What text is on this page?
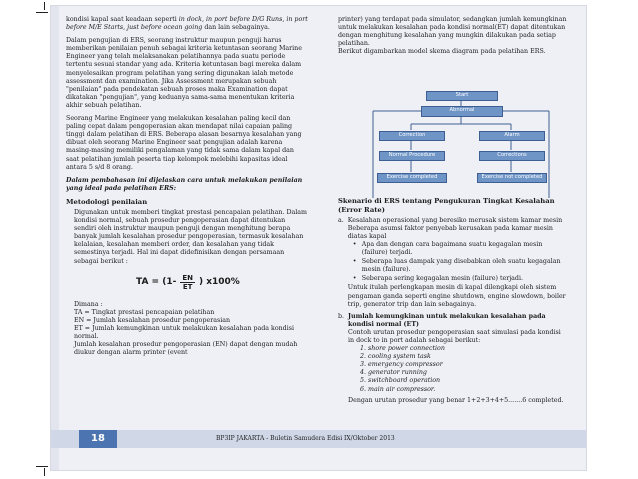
kondisi kapal saat keadaan seperti in dock, in port before D/G Runs, in port before M/E Starts, just before ocean going dan lain sebagainya.

Dalam pengujian di ERS, seorang instruktur maupun penguji harus memberikan penilaian penuh sebagai kriteria ketuntasan seorang Marine Engineer yang telah melaksanakan pelatihannya pada suatu periode tertentu sesuai standar yang ada. Kriteria ketuntasan bagi mereka dalam menyelesaikan program pelatihan yang sering digunakan ialah metode assessment dan examination. Jika Assessment merupakan sebuah "penilaian" pada pendekatan sebuah proses maka Examination dapat dikatakan "pengujian", yang keduanya sama-sama menentukan kriteria akhir sebuah pelatihan.

Seorang Marine Engineer yang melakukan kesalahan paling kecil dan paling cepat dalam pengoperasian akan mendapat nilai capaian paling tinggi dalam pelatihan di ERS. Beberapa alasan besarnya kesalahan yang dibuat oleh seorang Marine Engineer saat pengujian adalah karena masing-masing memiliki pengalaman yang tidak sama dalam kapal dan saat pelatihan jumlah peserta tiap kelompok melebihi kapasitas ideal antara 5 s/d 8 orang.

Dalam pembahasan ini dijelaskan cara untuk melakukan penilaian yang ideal pada pelatihan ERS:

Metodologi penilaian

Digunakan untuk memberi tingkat prestasi pencapaian pelatihan. Dalam kondisi normal, sebuah prosedur pengoperasian dapat ditentukan sendiri oleh instruktur maupun penguji dengan menghitung berapa banyak jumlah kesalahan prosedur pengoperasian, termasuk kesalahan kelalaian, kesalahan memberi order, dan kesalahan yang tidak semestinya terjadi. Hal ini dapat didefinisikan dengan persamaan sebagai berikut :

TA = ($1- \frac{EN}{ET}$ ) x100%
Dimana :
TA = Tingkat prestasi pencapaian pelatihan
EN = Jumlah kesalahan prosedur pengoperasian
ET = Jumlah kemungkinan untuk melakukan kesalahan pada kondisi normal.
Jumlah kesalahan prosedur pengoperasian (EN) dapat dengan mudah diukur dengan alarm printer (event

printer) yang terdapat pada simulator, sedangkan jumlah kemungkinan untuk melakukan kesalahan pada kondisi normal(ET) dapat ditentukan dengan menghitung kesalahan yang mungkin dilakukan pada setiap pelatihan.

Berikut digambarkan model skema diagram pada pelatihan ERS.

Skenario di ERS tentang Pengukuran Tingkat Kesalahan (Error Rate)
a. Kesalahan operasional yang beresiko merusak sistem kamar mesin
Beberapa asumsi faktor penyebab kerusakan pada kamar mesin diatas kapal
• Apa dan dengan cara bagaimana suatu kegagalan mesin (failure) terjadi.
• Seberapa luas dampak yang disebabkan oleh suatu kegagalan mesin (failure).
• Seberapa sering kegagalan mesin (failure) terjadi.
Untuk itulah perlengkapan mesin di kapal dilengkapi oleh sistem pengaman ganda seperti engine shutdown, engine slowdown, boiler trip, generator trip dan lain sebagainya.
b. Jumlah kemungkinan untuk melakukan kesalahan pada kondisi normal (ET)
Contoh urutan prosedur pengoperasian saat simulasi pada kondisi in dock to in port adalah sebagai berikut:
1. shore power connection
2. cooling system task
3. emergency compressor
4. generator running
5. switchboard operation
6. main air compressor.
Dengan urutan prosedur yang benar 1+2+3+4+5.......6 completed.
Start
Abnormal
Correction	Alarm
Normal Procedure	Corrections
Exercise completed	Exercise not completed
18	BP3IP JAKARTA - Buletin Samudera Edisi IX/Oktober 2013
